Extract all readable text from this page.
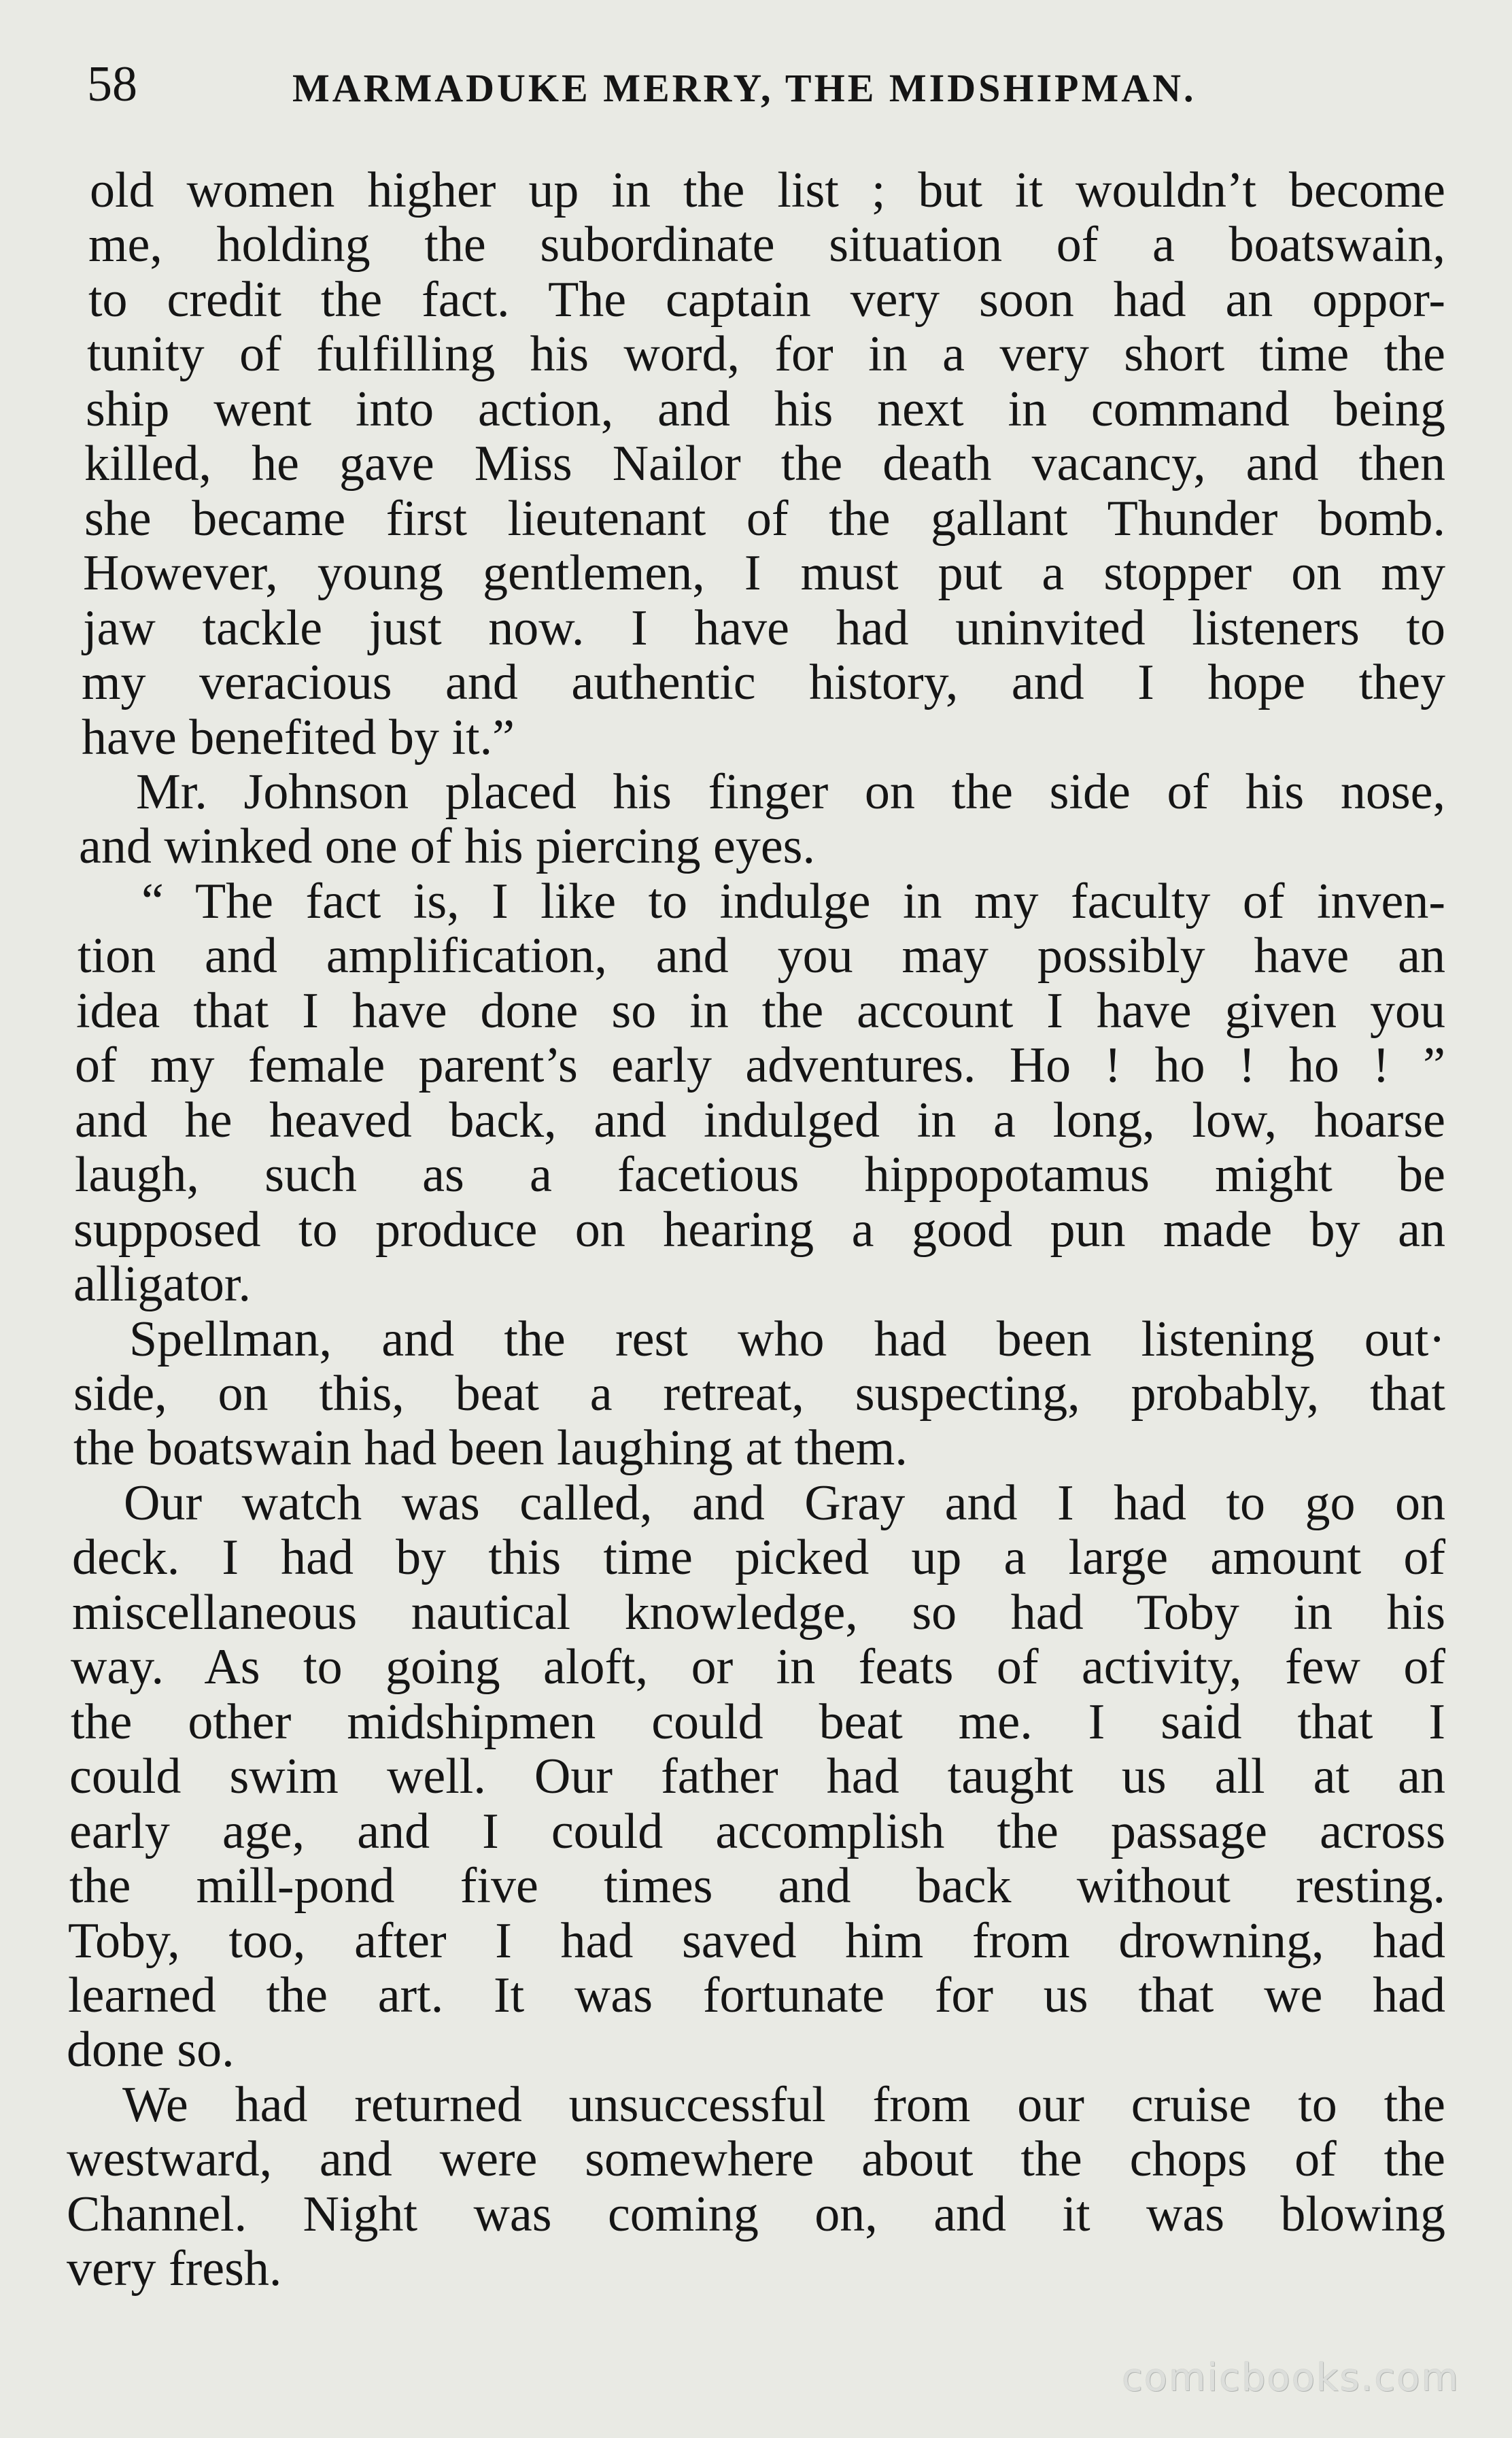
58	MARMADUKE MERRY, THE MIDSHIPMAN.
old women higher up in the list ; but it wouldn’t become
me, holding the subordinate situation of a boatswain,
to credit the fact. The captain very soon had an oppor-
tunity of fulfilling his word, for in a very short time the
ship went into action, and his next in command being
killed, he gave Miss Nailor the death vacancy, and then
she became first lieutenant of the gallant Thunder bomb.
However, young gentlemen, I must put a stopper on my
jaw tackle just now. I have had uninvited listeners to
my veracious and authentic history, and I hope they
have benefited by it.”
Mr. Johnson placed his finger on the side of his nose,
and winked one of his piercing eyes.
“ The fact is, I like to indulge in my faculty of inven-
tion and amplification, and you may possibly have an
idea that I have done so in the account I have given you
of my female parent’s early adventures. Ho ! ho ! ho ! ”
and he heaved back, and indulged in a long, low, hoarse
laugh, such as a facetious hippopotamus might be
supposed to produce on hearing a good pun made by an
alligator.
Spellman, and the rest who had been listening out·
side, on this, beat a retreat, suspecting, probably, that
the boatswain had been laughing at them.
Our watch was called, and Gray and I had to go on
deck. I had by this time picked up a large amount of
miscellaneous nautical knowledge, so had Toby in his
way. As to going aloft, or in feats of activity, few of
the other midshipmen could beat me. I said that I
could swim well. Our father had taught us all at an
early age, and I could accomplish the passage across
the mill-pond five times and back without resting.
Toby, too, after I had saved him from drowning, had
learned the art. It was fortunate for us that we had
done so.
We had returned unsuccessful from our cruise to the
westward, and were somewhere about the chops of the
Channel. Night was coming on, and it was blowing
very fresh.
comicbooks.com
